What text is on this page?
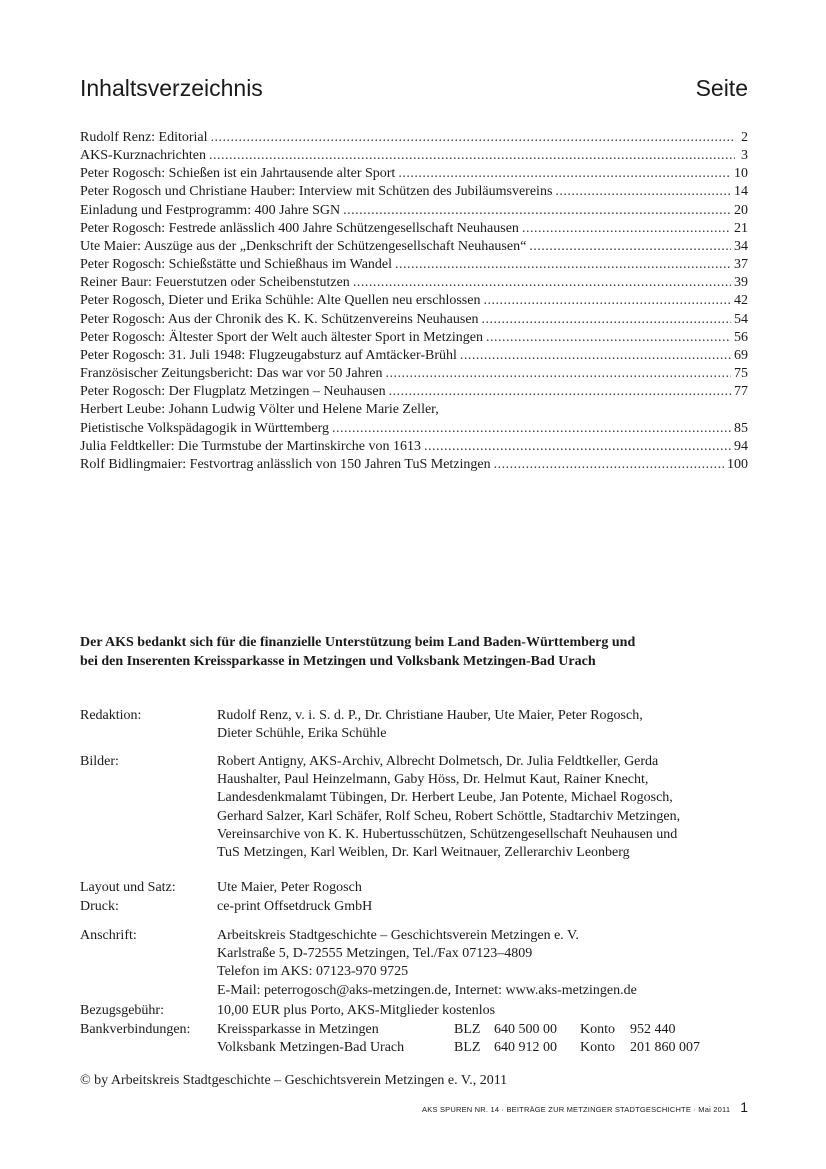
Inhaltsverzeichnis	Seite
Rudolf Renz: Editorial .....	2
AKS-Kurznachrichten .....	3
Peter Rogosch: Schießen ist ein Jahrtausende alter Sport .....	10
Peter Rogosch und Christiane Hauber: Interview mit Schützen des Jubiläumsvereins .....	14
Einladung und Festprogramm: 400 Jahre SGN .....	20
Peter Rogosch: Festrede anlässlich 400 Jahre Schützengesellschaft Neuhausen .....	21
Ute Maier: Auszüge aus der „Denkschrift der Schützengesellschaft Neuhausen“ .....	34
Peter Rogosch: Schießstätte und Schießhaus im Wandel .....	37
Reiner Baur: Feuerstutzen oder Scheibenstutzen .....	39
Peter Rogosch, Dieter und Erika Schühle: Alte Quellen neu erschlossen .....	42
Peter Rogosch: Aus der Chronik des K. K. Schützenvereins Neuhausen .....	54
Peter Rogosch: Ältester Sport der Welt auch ältester Sport in Metzingen .....	56
Peter Rogosch: 31. Juli 1948: Flugzeugabsturz auf Amtäcker-Brühl .....	69
Französischer Zeitungsbericht: Das war vor 50 Jahren .....	75
Peter Rogosch: Der Flugplatz Metzingen – Neuhausen .....	77
Herbert Leube: Johann Ludwig Völter und Helene Marie Zeller,
Pietistische Volkspädagogik in Württemberg .....	85
Julia Feldtkeller: Die Turmstube der Martinskirche von 1613 .....	94
Rolf Bidlingmaier: Festvortrag anlässlich von 150 Jahren TuS Metzingen .....	100
Der AKS bedankt sich für die finanzielle Unterstützung beim Land Baden-Württemberg und
bei den Inserenten Kreissparkasse in Metzingen und Volksbank Metzingen-Bad Urach
Redaktion:	Rudolf Renz, v. i. S. d. P., Dr. Christiane Hauber, Ute Maier, Peter Rogosch,
Dieter Schühle, Erika Schühle
Bilder:	Robert Antigny, AKS-Archiv, Albrecht Dolmetsch, Dr. Julia Feldtkeller, Gerda
Haushalter, Paul Heinzelmann, Gaby Höss, Dr. Helmut Kaut, Rainer Knecht,
Landesdenkmalamt Tübingen, Dr. Herbert Leube, Jan Potente, Michael Rogosch,
Gerhard Salzer, Karl Schäfer, Rolf Scheu, Robert Schöttle, Stadtarchiv Metzingen,
Vereinsarchive von K. K. Hubertusschützen, Schützengesellschaft Neuhausen und
TuS Metzingen, Karl Weiblen, Dr. Karl Weitnauer, Zellerarchiv Leonberg
Layout und Satz:	Ute Maier, Peter Rogosch
Druck:	ce-print Offsetdruck GmbH
Anschrift:	Arbeitskreis Stadtgeschichte – Geschichtsverein Metzingen e. V.
Karlstraße 5, D-72555 Metzingen, Tel./Fax 07123–4809
Telefon im AKS: 07123-970 9725
E-Mail: peterrogosch@aks-metzingen.de, Internet: www.aks-metzingen.de
Bezugsgebühr:	10,00 EUR plus Porto, AKS-Mitglieder kostenlos
Bankverbindungen:	Kreissparkasse in Metzingen	BLZ 640 500 00	Konto	952 440
Volksbank Metzingen-Bad Urach	BLZ 640 912 00	Konto	201 860 007
© by Arbeitskreis Stadtgeschichte – Geschichtsverein Metzingen e. V., 2011
AKS SPUREN NR. 14 · BEITRÄGE ZUR METZINGER STADTGESCHICHTE · Mai 2011 1
